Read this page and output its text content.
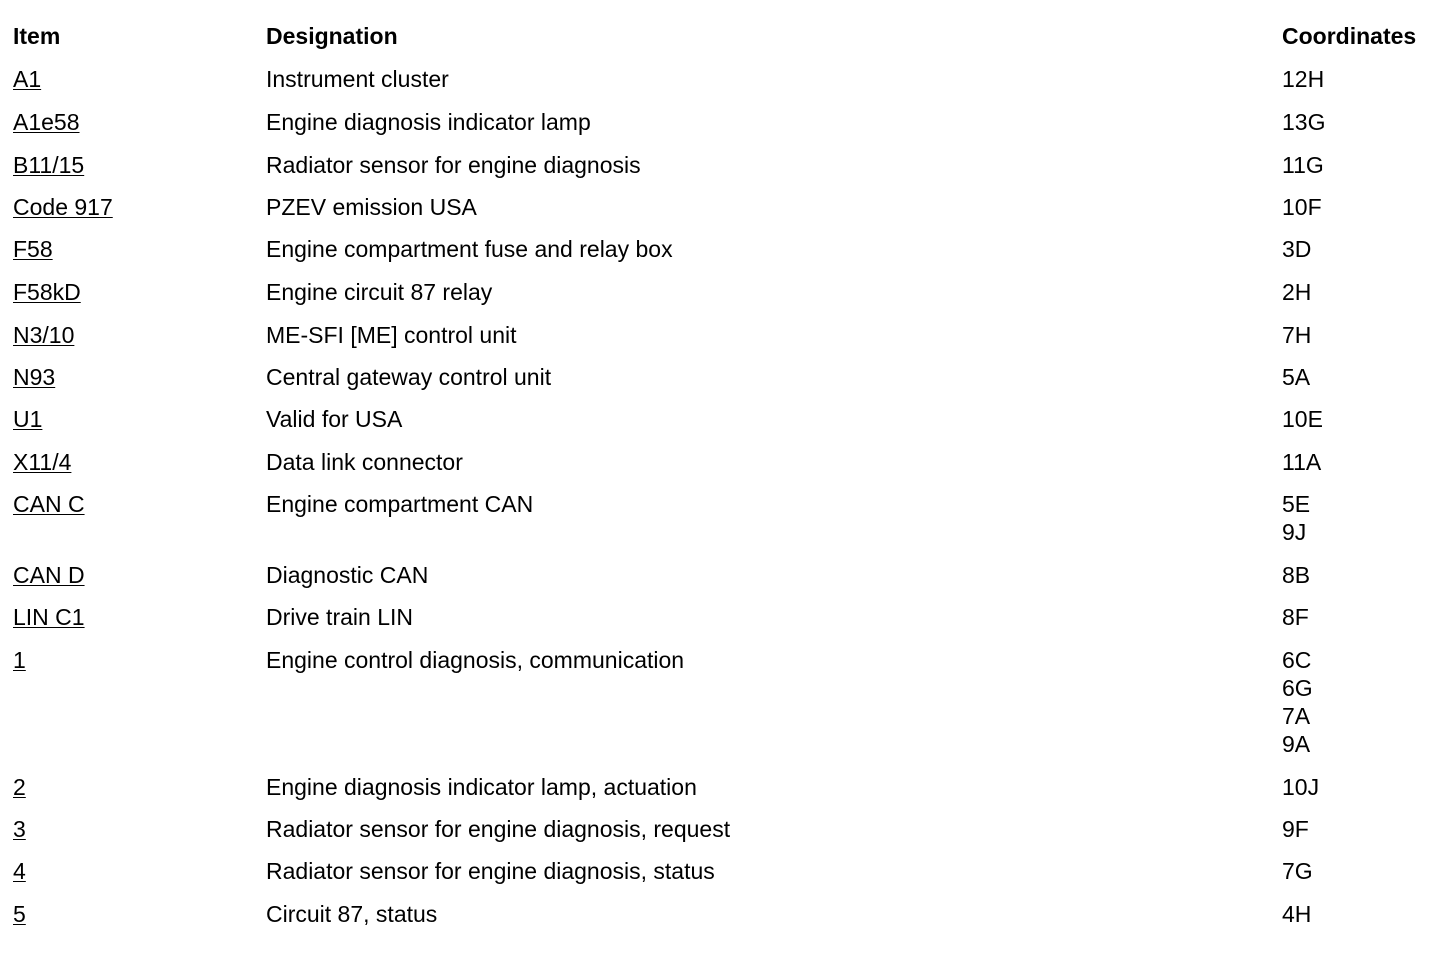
Item	Designation	Coordinates
A1	Instrument cluster	12H
A1e58	Engine diagnosis indicator lamp	13G
B11/15	Radiator sensor for engine diagnosis	11G
Code 917	PZEV emission USA	10F
F58	Engine compartment fuse and relay box	3D
F58kD	Engine circuit 87 relay	2H
N3/10	ME-SFI [ME] control unit	7H
N93	Central gateway control unit	5A
U1	Valid for USA	10E
X11/4	Data link connector	11A
CAN C	Engine compartment CAN	5E
9J
CAN D	Diagnostic CAN	8B
LIN C1	Drive train LIN	8F
1	Engine control diagnosis, communication	6C
6G
7A
9A
2	Engine diagnosis indicator lamp, actuation	10J
3	Radiator sensor for engine diagnosis, request	9F
4	Radiator sensor for engine diagnosis, status	7G
5	Circuit 87, status	4H
